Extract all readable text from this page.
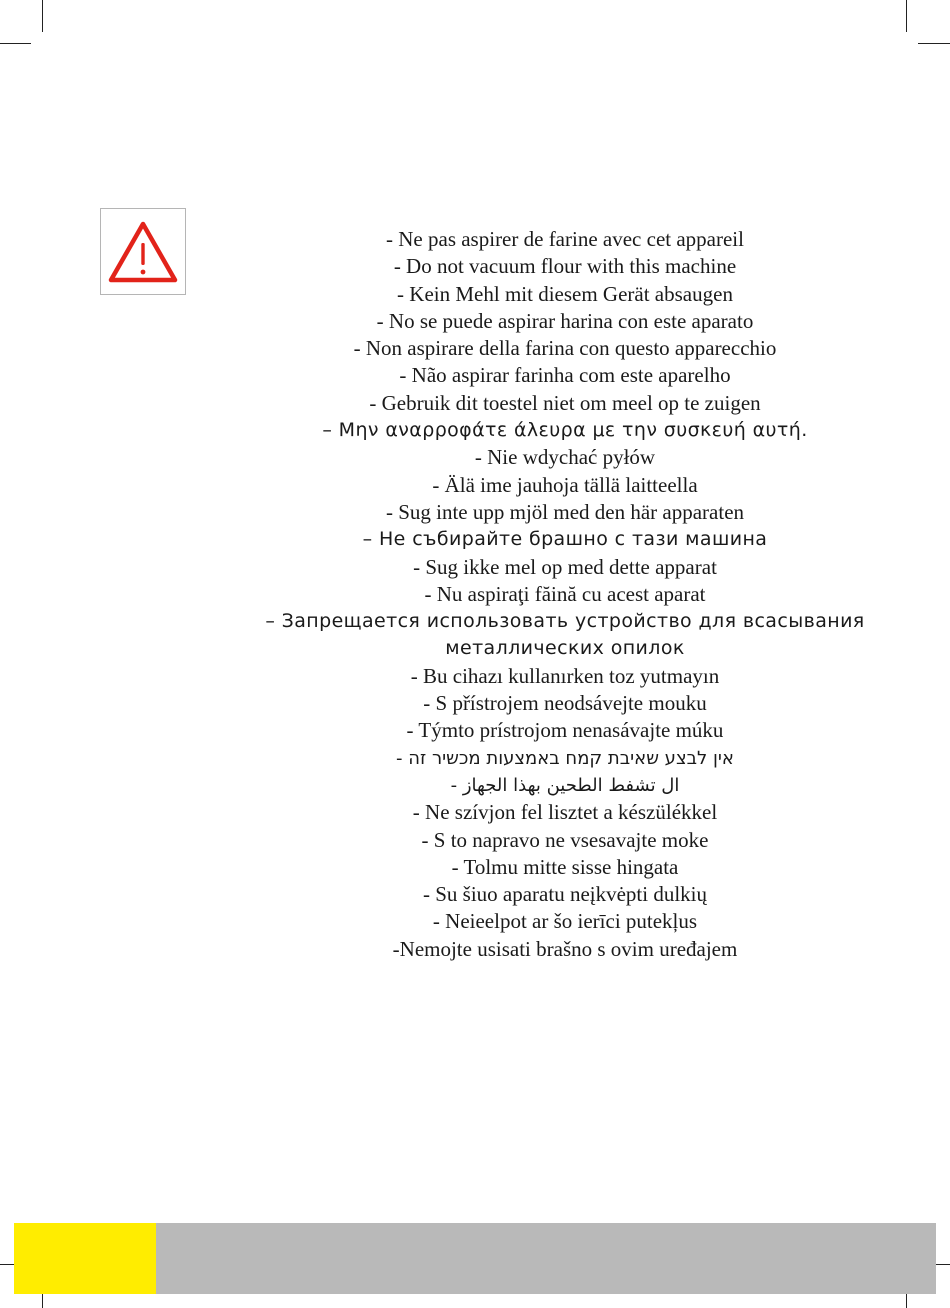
- Ne pas aspirer de farine avec cet appareil
- Do not vacuum flour with this machine
- Kein Mehl mit diesem Gerät absaugen
- No se puede aspirar harina con este aparato
- Non aspirare della farina con questo apparecchio
- Não aspirar farinha com este aparelho
- Gebruik dit toestel niet om meel op te zuigen
– Μην αναρροφάτε άλευρα με την συσκευή αυτή.
- Nie wdychać pyłów
- Älä ime jauhoja tällä laitteella
- Sug inte upp mjöl med den här apparaten
– Не събирайте брашно с тази машина
- Sug ikke mel op med dette apparat
- Nu aspiraţi făină cu acest aparat
– Запрещается использовать устройство для всасывания
металлических опилок
- Bu cihazı kullanırken toz yutmayın
- S přístrojem neodsávejte mouku
- Týmto prístrojom nenasávajte múku
אין לבצע שאיבת קמח באמצעות מכשיר זה -
ال تشفط الطحين بهذا الجهاز -
- Ne szívjon fel lisztet a készülékkel
- S to napravo ne vsesavajte moke
- Tolmu mitte sisse hingata
- Su šiuo aparatu neįkvėpti dulkių
- Neieelpot ar šo ierīci putekļus
-Nemojte usisati brašno s ovim uređajem
